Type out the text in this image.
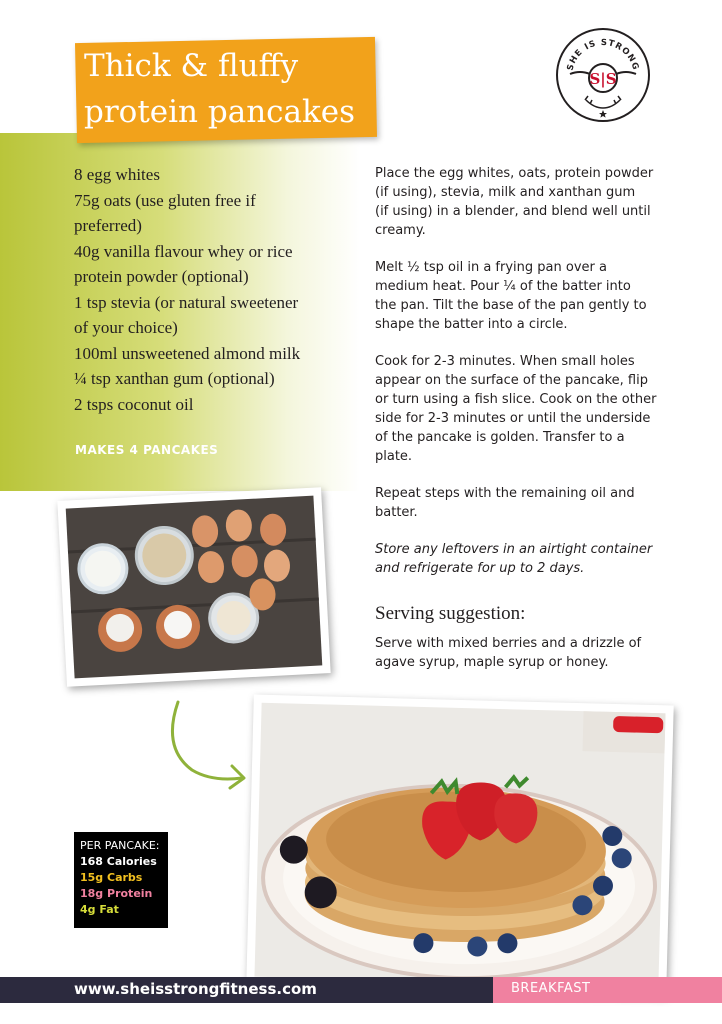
Thick & fluffy
protein pancakes
SHE IS STRONG
S|S
8 egg whites
75g oats (use gluten free if
preferred)
40g vanilla flavour whey or rice
protein powder (optional)
1 tsp stevia (or natural sweetener
of your choice)
100ml unsweetened almond milk
¼ tsp xanthan gum (optional)
2 tsps coconut oil
MAKES 4 PANCAKES

Place the egg whites, oats, protein powder
(if using), stevia, milk and xanthan gum
(if using) in a blender, and blend well until
creamy.

Melt ½ tsp oil in a frying pan over a
medium heat. Pour ¼ of the batter into
the pan. Tilt the base of the pan gently to
shape the batter into a circle.

Cook for 2-3 minutes. When small holes
appear on the surface of the pancake, flip
or turn using a fish slice. Cook on the other
side for 2-3 minutes or until the underside
of the pancake is golden. Transfer to a
plate.

Repeat steps with the remaining oil and
batter.

Store any leftovers in an airtight container
and refrigerate for up to 2 days.

Serving suggestion:
Serve with mixed berries and a drizzle of
agave syrup, maple syrup or honey.
PER PANCAKE:
168 Calories
15g Carbs
18g Protein
4g Fat
www.sheisstrongfitness.com	BREAKFAST
